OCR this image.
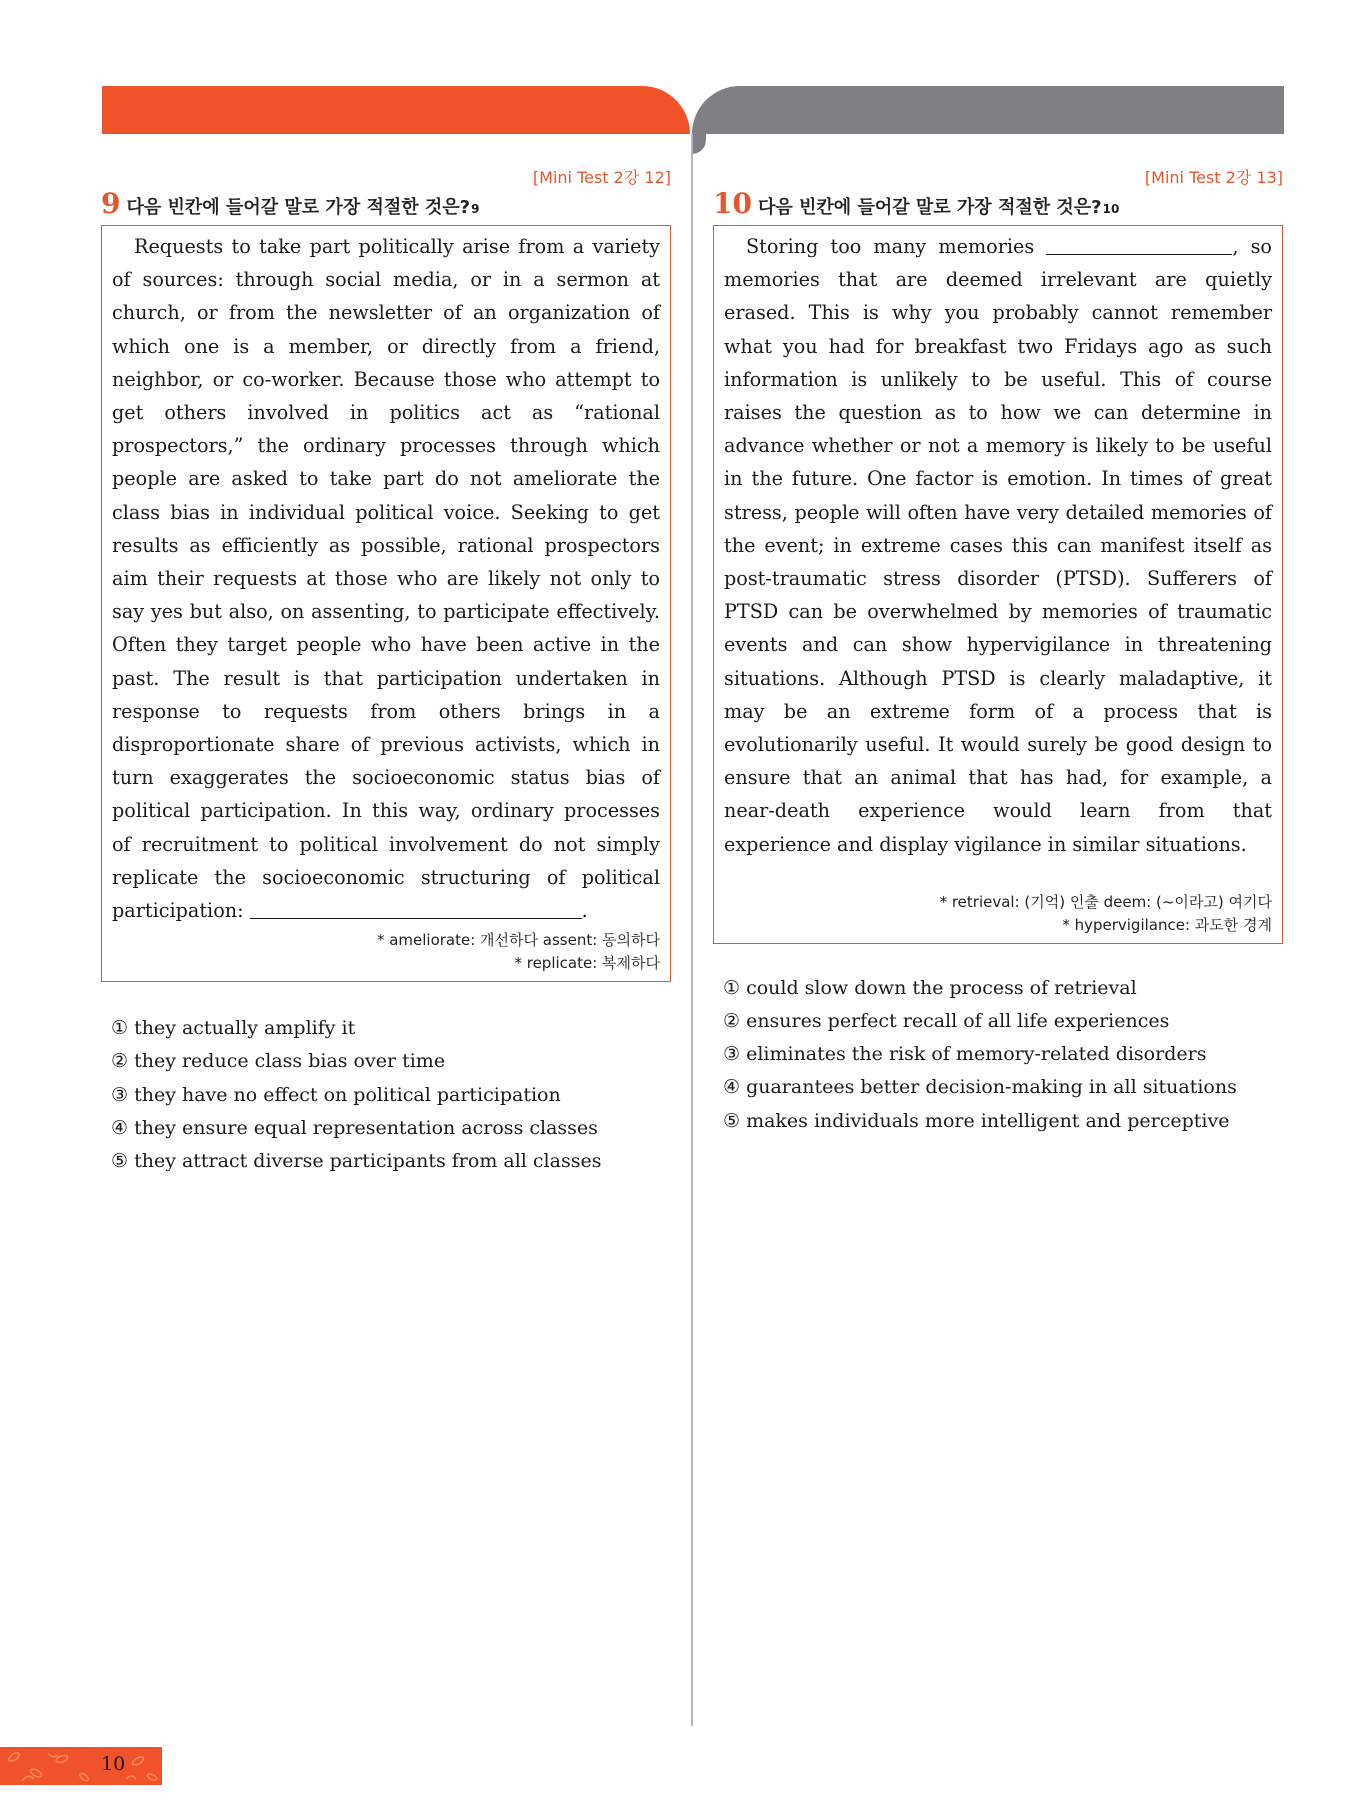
[Mini Test 2강 12]
9 다음 빈칸에 들어갈 말로 가장 적절한 것은? 9

Requests to take part politically arise from a variety of sources: through social media, or in a sermon at church, or from the newsletter of an organization of which one is a member, or directly from a friend, neighbor, or co-worker. Because those who attempt to get others involved in politics act as “rational prospectors,” the ordinary processes through which people are asked to take part do not ameliorate the class bias in individual political voice. Seeking to get results as efficiently as possible, rational prospectors aim their requests at those who are likely not only to say yes but also, on assenting, to participate effectively. Often they target people who have been active in the past. The result is that participation undertaken in response to requests from others brings in a disproportionate share of previous activists, which in turn exaggerates the socioeconomic status bias of political participation. In this way, ordinary processes of recruitment to political involvement do not simply replicate the socioeconomic structuring of political participation:	.

* ameliorate: 개선하다 assent: 동의하다
* replicate: 복제하다
① they actually amplify it
② they reduce class bias over time
③ they have no effect on political participation
④ they ensure equal representation across classes
⑤ they attract diverse participants from all classes
[Mini Test 2강 13]
10 다음 빈칸에 들어갈 말로 가장 적절한 것은? 10

Storing too many memories	, so memories that are deemed irrelevant are quietly erased. This is why you probably cannot remember what you had for breakfast two Fridays ago as such information is unlikely to be useful. This of course raises the question as to how we can determine in advance whether or not a memory is likely to be useful in the future. One factor is emotion. In times of great stress, people will often have very detailed memories of the event; in extreme cases this can manifest itself as post-traumatic stress disorder (PTSD). Sufferers of PTSD can be overwhelmed by memories of traumatic events and can show hypervigilance in threatening situations. Although PTSD is clearly maladaptive, it may be an extreme form of a process that is evolutionarily useful. It would surely be good design to ensure that an animal that has had, for example, a near-death experience would learn from that experience and display vigilance in similar situations.

* retrieval: (기억) 인출 deem: (~이라고) 여기다
* hypervigilance: 과도한 경계
① could slow down the process of retrieval
② ensures perfect recall of all life experiences
③ eliminates the risk of memory-related disorders
④ guarantees better decision-making in all situations
⑤ makes individuals more intelligent and perceptive
10
